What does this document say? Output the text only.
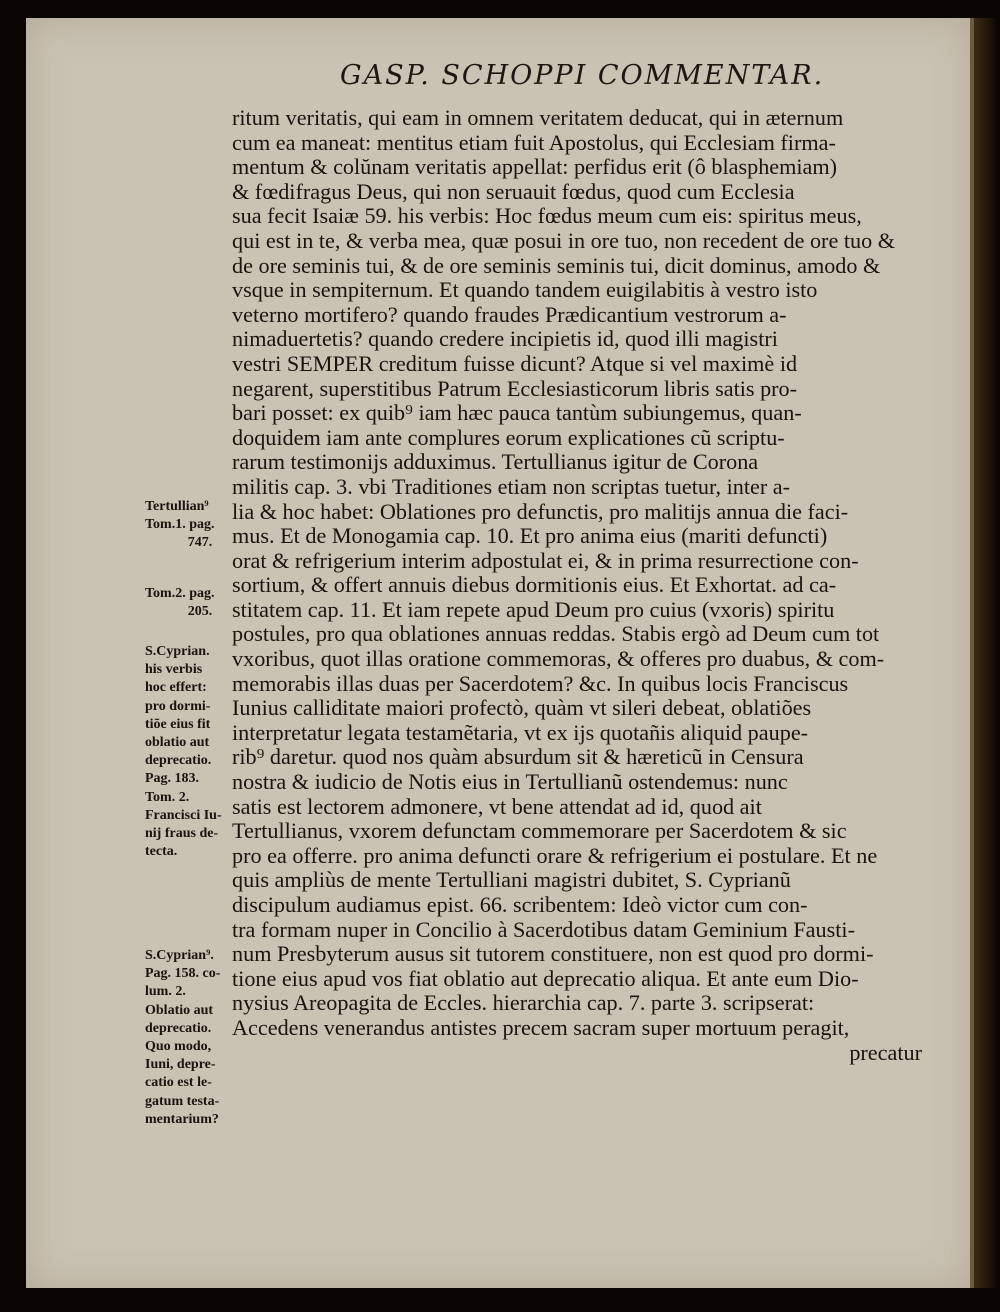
GASP. SCHOPPI COMMENTAR.
ritum veritatis, qui eam in omnem veritatem deducat, qui in æternum
cum ea maneat: mentitus etiam fuit Apostolus, qui Ecclesiam firma-
mentum & colŭnam veritatis appellat: perfidus erit (ô blasphemiam)
& fœdifragus Deus, qui non seruauit fœdus, quod cum Ecclesia
sua fecit Isaiæ 59. his verbis: Hoc fœdus meum cum eis: spiritus meus,
qui est in te, & verba mea, quæ posui in ore tuo, non recedent de ore tuo &
de ore seminis tui, & de ore seminis seminis tui, dicit dominus, amodo &
vsque in sempiternum. Et quando tandem euigilabitis à vestro isto
veterno mortifero? quando fraudes Prædicantium vestrorum a-
nimaduertetis? quando credere incipietis id, quod illi magistri
vestri SEMPER creditum fuisse dicunt? Atque si vel maximè id
negarent, superstitibus Patrum Ecclesiasticorum libris satis pro-
bari posset: ex quib⁹ iam hæc pauca tantùm subiungemus, quan-
doquidem iam ante complures eorum explicationes cũ scriptu-
rarum testimonijs adduximus. Tertullianus igitur de Corona
militis cap. 3. vbi Traditiones etiam non scriptas tuetur, inter a-
lia & hoc habet: Oblationes pro defunctis, pro malitijs annua die faci-
mus. Et de Monogamia cap. 10. Et pro anima eius (mariti defuncti)
orat & refrigerium interim adpostulat ei, & in prima resurrectione con-
sortium, & offert annuis diebus dormitionis eius. Et Exhortat. ad ca-
stitatem cap. 11. Et iam repete apud Deum pro cuius (vxoris) spiritu
postules, pro qua oblationes annuas reddas. Stabis ergò ad Deum cum tot
vxoribus, quot illas oratione commemoras, & offeres pro duabus, & com-
memorabis illas duas per Sacerdotem? &c. In quibus locis Franciscus
Iunius calliditate maiori profectò, quàm vt sileri debeat, oblatiões
interpretatur legata testamẽtaria, vt ex ijs quotañis aliquid paupe-
rib⁹ daretur. quod nos quàm absurdum sit & hæreticũ in Censura
nostra & iudicio de Notis eius in Tertullianũ ostendemus: nunc
satis est lectorem admonere, vt bene attendat ad id, quod ait
Tertullianus, vxorem defunctam commemorare per Sacerdotem & sic
pro ea offerre. pro anima defuncti orare & refrigerium ei postulare. Et ne
quis ampliùs de mente Tertulliani magistri dubitet, S. Cyprianũ
discipulum audiamus epist. 66. scribentem: Ideò victor cum con-
tra formam nuper in Concilio à Sacerdotibus datam Geminium Fausti-
num Presbyterum ausus sit tutorem constituere, non est quod pro dormi-
tione eius apud vos fiat oblatio aut deprecatio aliqua. Et ante eum Dio-
nysius Areopagita de Eccles. hierarchia cap. 7. parte 3. scripserat:
Accedens venerandus antistes precem sacram super mortuum peragit,
precatur
Tertullian⁹
Tom.1. pag.
747.
Tom.2. pag.
205.
S.Cyprian.
his verbis
hoc effert:
pro dormi-
tiõe eius fit
oblatio aut
deprecatio.
Pag. 183.
Tom. 2.
Francisci Iu-
nij fraus de-
tecta.
S.Cyprian⁹.
Pag. 158. co-
lum. 2.
Oblatio aut
deprecatio.
Quo modo,
Iuni, depre-
catio est le-
gatum testa-
mentarium?
